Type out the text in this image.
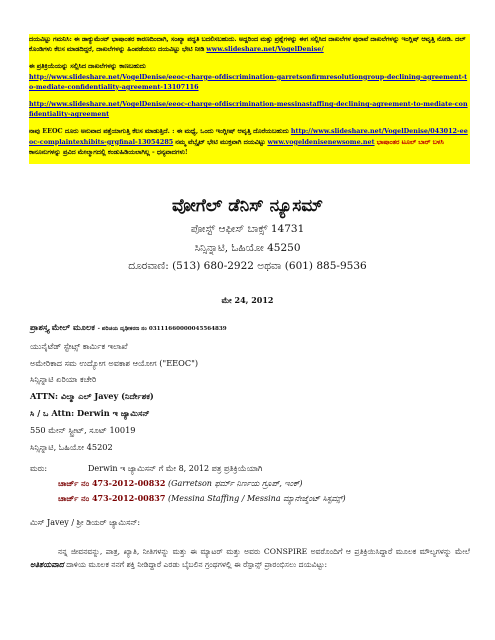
ದಯವಿಟ್ಟು ಗಮನಿಸಿ: ಈ ಡಾಕ್ಯುಮೆಂಟ್ ಭಾಷಾಂತರ ಕಾರಣದಿಂದಾಗಿ, ಸಂಖ್ಯಾ ಪದ್ಧತಿ ಬದಲಿಸಬಹುದು. ಅದ್ದರಿಂದ ಮತ್ತು ಪ್ರಶ್ನೆಗಳನ್ನು ಈಗ ಸಲ್ಲಿಸಿದ ದಾಖಲೆಗಳ ಪುರಾವೆ ದಾಖಲೆಗಳನ್ನು ಇಂಗ್ಲಿಷ್ ಆವೃತ್ತಿ ನೋಡಿ. ದಲ್ ಕೊಂಡಿಗಳು ಕೆಲಸ ಮಾಡದಿದ್ದರೆ, ದಾಖಲೆಗಳನ್ನು ಹಿಂಪಡೆಯಲು ದಯವಿಟ್ಟು ಭೇಟಿ ನೀಡಿ www.slideshare.net/VogelDenise/

ಈ ಪ್ರತಿಕ್ರಿಯೆಯನ್ನು ಸಲ್ಲಿಸಿದ ದಾಖಲೆಗಳನ್ನು ಕಾಣಬಹುದು
http://www.slideshare.net/VogelDenise/eeoc-charge-ofdiscrimination-garretsonfirmresolutiongroup-declining-agreement-to-mediate-confidentiality-agreement-13107116

http://www.slideshare.net/VogelDenise/eeoc-charge-ofdiscrimination-messinastaffing-declining-agreement-to-mediate-confidentiality-agreement

ನಾವು EEOC ದೂರು ಅನುವಾದ ಪತ್ತೆಯಾಗುತ್ತಿ ಕೆಲಸ ಮಾಡುತ್ತಿದೆ. : ಈ ಮಧ್ಯೆ, ಒಂದು ಇಂಗ್ಲೀಷ್ ಆವೃತ್ತಿ ದೊರೆಯಬಹುದು http://www.slideshare.net/VogelDenise/043012-eeoc-complaintexhibits-grgfinal-13054285 ನಮ್ಮ ವೆಬ್ಸೈಟ್ ಭೇಟಿ ಮುಕ್ತವಾಗಿ ದಯವಿಟ್ಟು www.vogeldenisenewsome.net ಭಾಷಾಂತರ ಟೂಲ್ ಬಾರ್ ಬಳಸಿ ಕಾನೂನುಗಳನ್ನು ಪ್ರವಿದ ಮೇಲ್ಮಾಗದಲ್ಲಿ ಕಂಡುಹಿಡಿಯಲಾಗಿಲ್ಲ - ಧನ್ಯವಾದಗಳು!

ವೋಗೆಲ್ ಡೆನಿಸ್ ನ್ಯೂಸಮ್
ಪೋಸ್ಟ್ ಆಫೀಸ್ ಬಾಕ್ಸ್ 14731
ಸಿನ್ಸಿನ್ನಾಟಿ, ಓಹಿಯೋ 45250
ದೂರವಾಣಿ: (513) 680-2922 ಅಥವಾ (601) 885-9536
ಮೇ 24, 2012
ಪ್ರಾಶಸ್ತ್ಯ ಮೇಲ್ ಮೂಲಕ - ಪರಿಚಯ ದೃಢೀಕರಣ ನಂ 03111660000045564839
ಯುನೈಟೆಡ್ ಸ್ಟೇಟ್ಸ್ ಕಾರ್ಮಿಕ ಇಲಾಖೆ
ಅಮೇರಿಕಾದ ಸಮ ಉದ್ಯೋಗ ಅವಕಾಶ ಆಯೋಗ ("EEOC")
ಸಿನ್ಸಿನ್ನಾಟಿ ಏರಿಯಾ ಕಚೇರಿ
ATTN: ವಿಲ್ಮಾ ಎಲ್ Javey (ನಿರ್ದೇಶಕ)
ಸಿ / ಒ Attn: Derwin ಇ ಜ್ಯಾಮಿಸನ್
550 ಮೇನ್ ಸ್ಟ್ರೀಟ್, ಸೂಟ್ 10019
ಸಿನ್ಸಿನ್ನಾಟಿ, ಓಹಿಯೋ 45202
ಮರು:	Derwin ಇ ಜ್ಯಾಮಿಸನ್ ಗೆ ಮೇ 8, 2012 ಪತ್ರ ಪ್ರತಿಕ್ರಿಯೆಯಾಗಿ
ಚಾರ್ಜ್ ನಂ 473-2012-00832 (Garretson ಫರ್ಮ್ ನಿರ್ಣಯ ಗ್ರೂಪ್, ಇಂಕ್)
ಚಾರ್ಜ್ ನಂ 473-2012-00837 (Messina Staffing / Messina ಮ್ಯಾನೇಜ್ಮೆಂಟ್ ಸಿಸ್ಟಮ್ಸ್)
ಮಿಸ್ Javey / ಶ್ರೀ ಡಿಯರ್ ಜ್ಯಾಮಿಸನ್:
ನನ್ನ ಜೀವನವನ್ನು, ಪಾತ್ರ, ಖ್ಯಾತಿ, ನೀತಿಗಳನ್ನು ಮತ್ತು ಈ ಮ್ಯಾಟರ್ ಮತ್ತು ಅವರು CONSPIRE ಅವರೊಂದಿಗೆ ಆ ಪ್ರತಿಕ್ರಿಯಿಸಿದ್ದಾರೆ ಮೂಲಕ ಮೌಲ್ಯಗಳನ್ನು ಮೇಲೆ ಅತಿಶಯವಾದ ದಾಳಿಯ ಮೂಲಕ ನನಗೆ ಶಕ್ತಿ ನೀಡಿದ್ದಾರೆ ಎರಡು ಬೈಬಲಿನ ಗ್ರಂಥಗಳಲ್ಲಿ ಈ ರೆಸ್ಪಾನ್ಸ್ ಪ್ರಾರಂಭಿಸಲು ದಯವಿಟ್ಟು:
